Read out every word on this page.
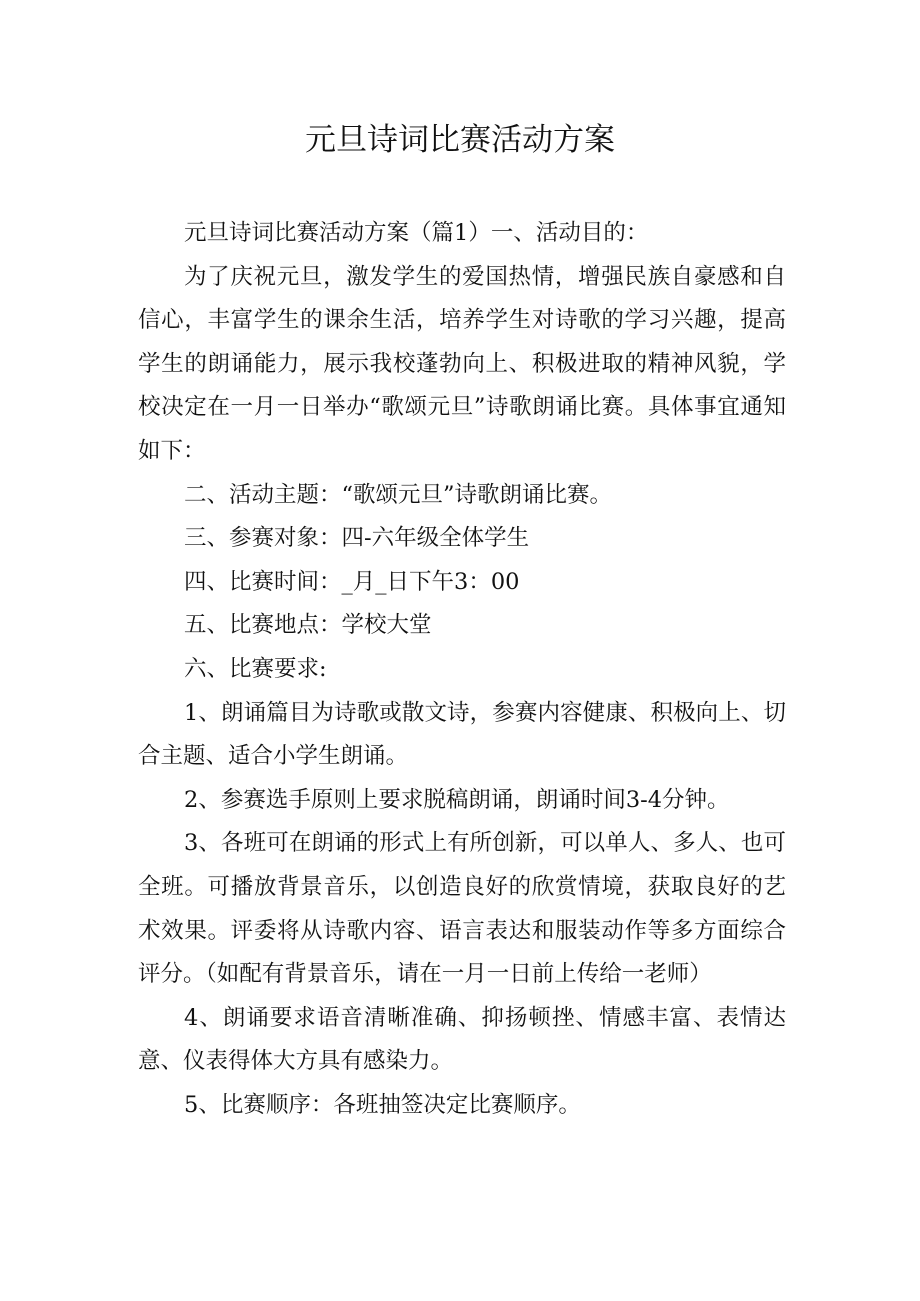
元旦诗词比赛活动方案

元旦诗词比赛活动方案（篇1）一、活动目的：

为了庆祝元旦，激发学生的爱国热情，增强民族自豪感和自信心，丰富学生的课余生活，培养学生对诗歌的学习兴趣，提高学生的朗诵能力，展示我校蓬勃向上、积极进取的精神风貌，学校决定在一月一日举办“歌颂元旦”诗歌朗诵比赛。具体事宜通知如下：

二、活动主题：“歌颂元旦”诗歌朗诵比赛。

三、参赛对象：四-六年级全体学生

四、比赛时间：_月_日下午3：00

五、比赛地点：学校大堂

六、比赛要求:

1、朗诵篇目为诗歌或散文诗，参赛内容健康、积极向上、切合主题、适合小学生朗诵。

2、参赛选手原则上要求脱稿朗诵，朗诵时间3-4分钟。

3、各班可在朗诵的形式上有所创新，可以单人、多人、也可全班。可播放背景音乐，以创造良好的欣赏情境，获取良好的艺术效果。评委将从诗歌内容、语言表达和服装动作等多方面综合评分。（如配有背景音乐，请在一月一日前上传给一老师）

4、朗诵要求语音清晰准确、抑扬顿挫、情感丰富、表情达意、仪表得体大方具有感染力。

5、比赛顺序：各班抽签决定比赛顺序。
